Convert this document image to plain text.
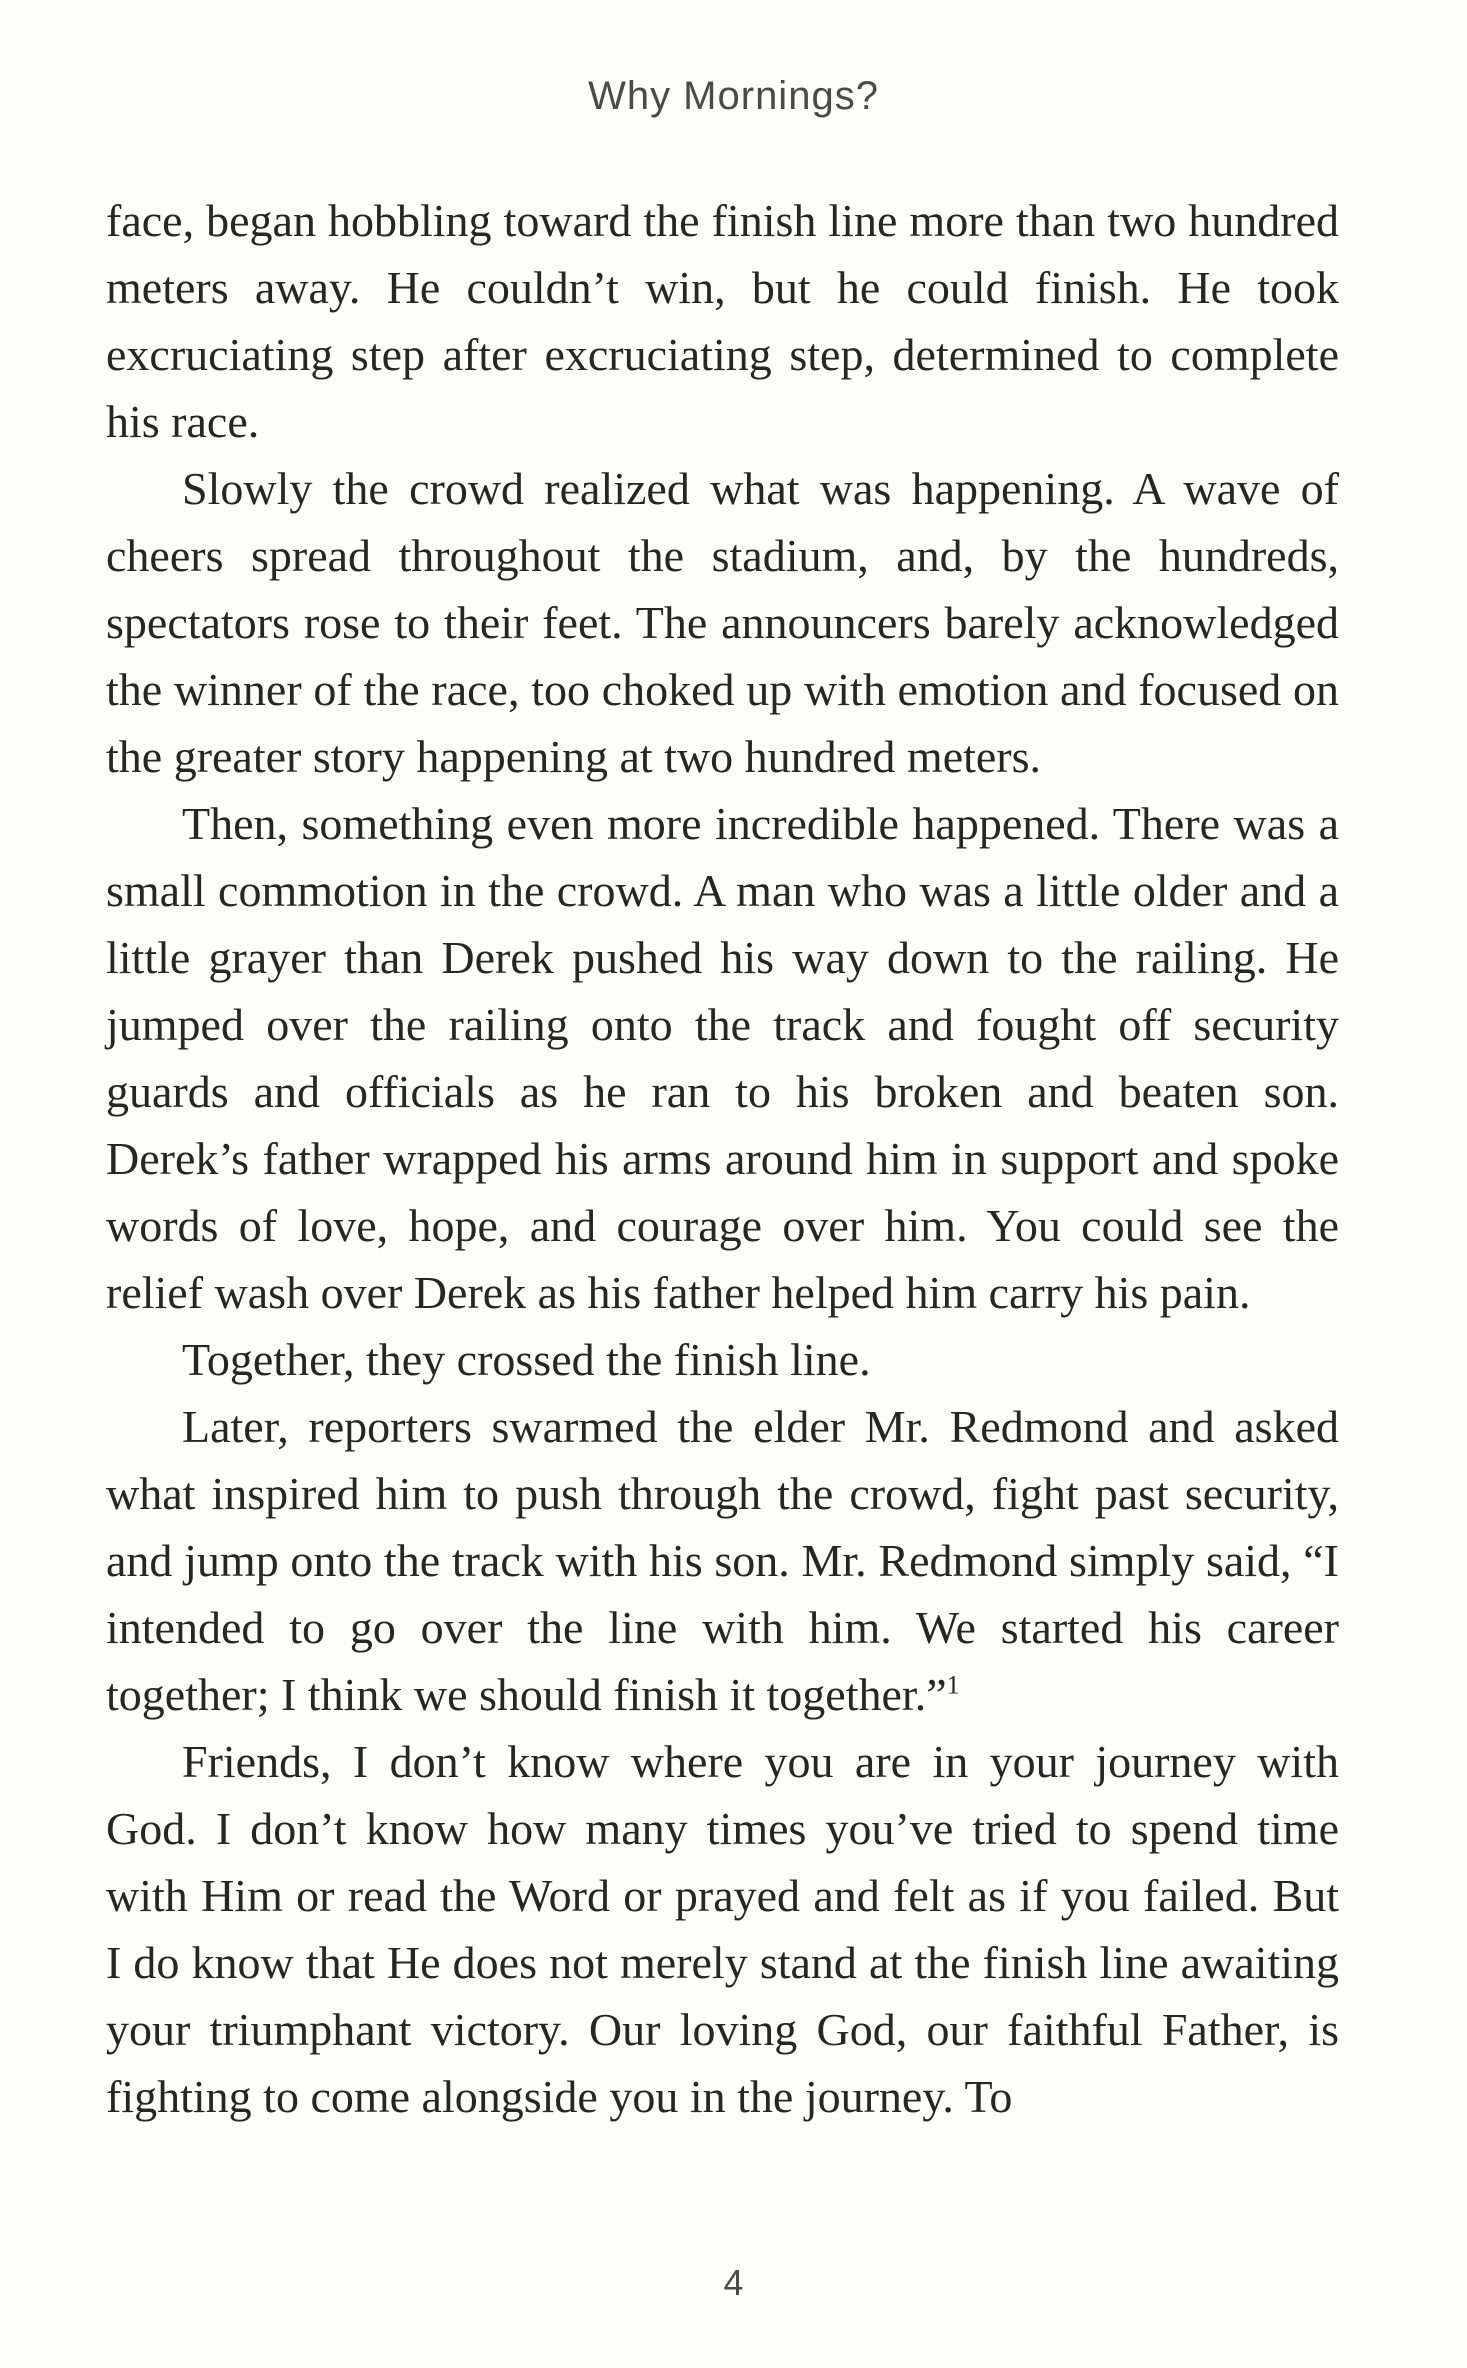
Why Mornings?

face, began hobbling toward the finish line more than two hundred meters away. He couldn’t win, but he could finish. He took excruciating step after excruciating step, determined to complete his race.

Slowly the crowd realized what was happening. A wave of cheers spread throughout the stadium, and, by the hundreds, spectators rose to their feet. The announcers barely acknowledged the winner of the race, too choked up with emotion and focused on the greater story happening at two hundred meters.

Then, something even more incredible happened. There was a small commotion in the crowd. A man who was a little older and a little grayer than Derek pushed his way down to the railing. He jumped over the railing onto the track and fought off security guards and officials as he ran to his broken and beaten son. Derek’s father wrapped his arms around him in support and spoke words of love, hope, and courage over him. You could see the relief wash over Derek as his father helped him carry his pain.

Together, they crossed the finish line.

Later, reporters swarmed the elder Mr. Redmond and asked what inspired him to push through the crowd, fight past security, and jump onto the track with his son. Mr. Redmond simply said, “I intended to go over the line with him. We started his career together; I think we should finish it together.”$^1$

Friends, I don’t know where you are in your journey with God. I don’t know how many times you’ve tried to spend time with Him or read the Word or prayed and felt as if you failed. But I do know that He does not merely stand at the finish line awaiting your triumphant victory. Our loving God, our faithful Father, is fighting to come alongside you in the journey. To

4
